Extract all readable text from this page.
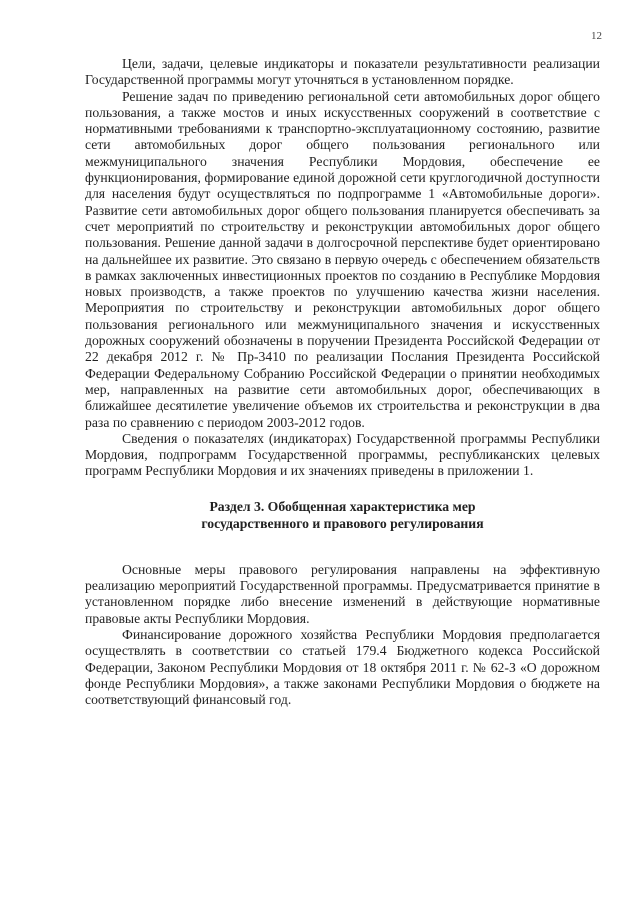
12

Цели, задачи, целевые индикаторы и показатели результативности реализации Государственной программы могут уточняться в установленном порядке.

Решение задач по приведению региональной сети автомобильных дорог общего пользования, а также мостов и иных искусственных сооружений в соответствие с нормативными требованиями к транспортно-эксплуатационному состоянию, развитие сети автомобильных дорог общего пользования регионального или межмуниципального значения Республики Мордовия, обеспечение ее функционирования, формирование единой дорожной сети круглогодичной доступности для населения будут осуществляться по подпрограмме 1 «Автомобильные дороги». Развитие сети автомобильных дорог общего пользования планируется обеспечивать за счет мероприятий по строительству и реконструкции автомобильных дорог общего пользования. Решение данной задачи в долгосрочной перспективе будет ориентировано на дальнейшее их развитие. Это связано в первую очередь с обеспечением обязательств в рамках заключенных инвестиционных проектов по созданию в Республике Мордовия новых производств, а также проектов по улучшению качества жизни населения. Мероприятия по строительству и реконструкции автомобильных дорог общего пользования регионального или межмуниципального значения и искусственных дорожных сооружений обозначены в поручении Президента Российской Федерации от 22 декабря 2012 г. № Пр-3410 по реализации Послания Президента Российской Федерации Федеральному Собранию Российской Федерации о принятии необходимых мер, направленных на развитие сети автомобильных дорог, обеспечивающих в ближайшее десятилетие увеличение объемов их строительства и реконструкции в два раза по сравнению с периодом 2003-2012 годов.

Сведения о показателях (индикаторах) Государственной программы Республики Мордовия, подпрограмм Государственной программы, республиканских целевых программ Республики Мордовия и их значениях приведены в приложении 1.

Раздел 3. Обобщенная характеристика мер
государственного и правового регулирования

Основные меры правового регулирования направлены на эффективную реализацию мероприятий Государственной программы. Предусматривается принятие в установленном порядке либо внесение изменений в действующие нормативные правовые акты Республики Мордовия.

Финансирование дорожного хозяйства Республики Мордовия предполагается осуществлять в соответствии со статьей 179.4 Бюджетного кодекса Российской Федерации, Законом Республики Мордовия от 18 октября 2011 г. № 62-З «О дорожном фонде Республики Мордовия», а также законами Республики Мордовия о бюджете на соответствующий финансовый год.
